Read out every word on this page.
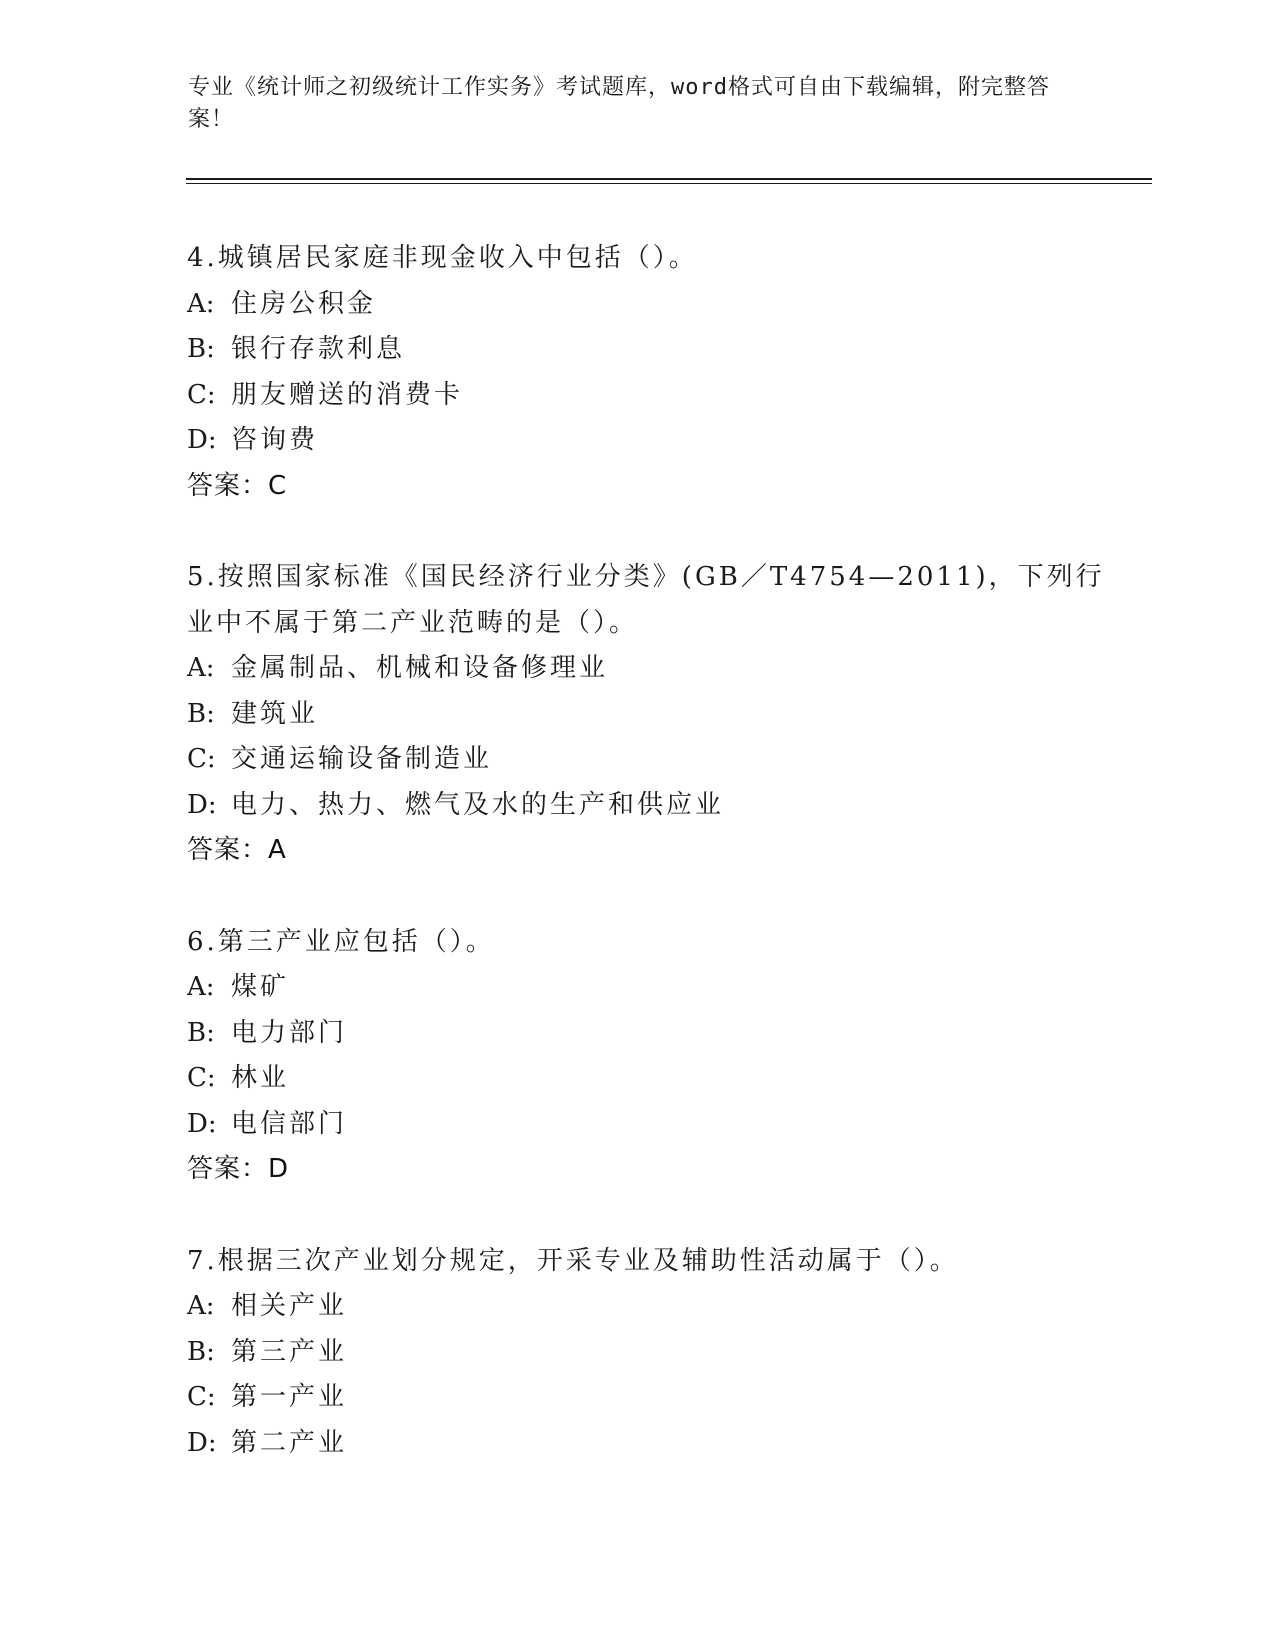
专业《统计师之初级统计工作实务》考试题库，word格式可自由下载编辑，附完整答案！
4.城镇居民家庭非现金收入中包括（）。
A: 住房公积金
B: 银行存款利息
C: 朋友赠送的消费卡
D: 咨询费
答案：C
5.按照国家标准《国民经济行业分类》(GB／T4754—2011)，下列行业中不属于第二产业范畴的是（）。
A: 金属制品、机械和设备修理业
B: 建筑业
C: 交通运输设备制造业
D: 电力、热力、燃气及水的生产和供应业
答案：A
6.第三产业应包括（）。
A: 煤矿
B: 电力部门
C: 林业
D: 电信部门
答案：D
7.根据三次产业划分规定，开采专业及辅助性活动属于（）。
A: 相关产业
B: 第三产业
C: 第一产业
D: 第二产业
